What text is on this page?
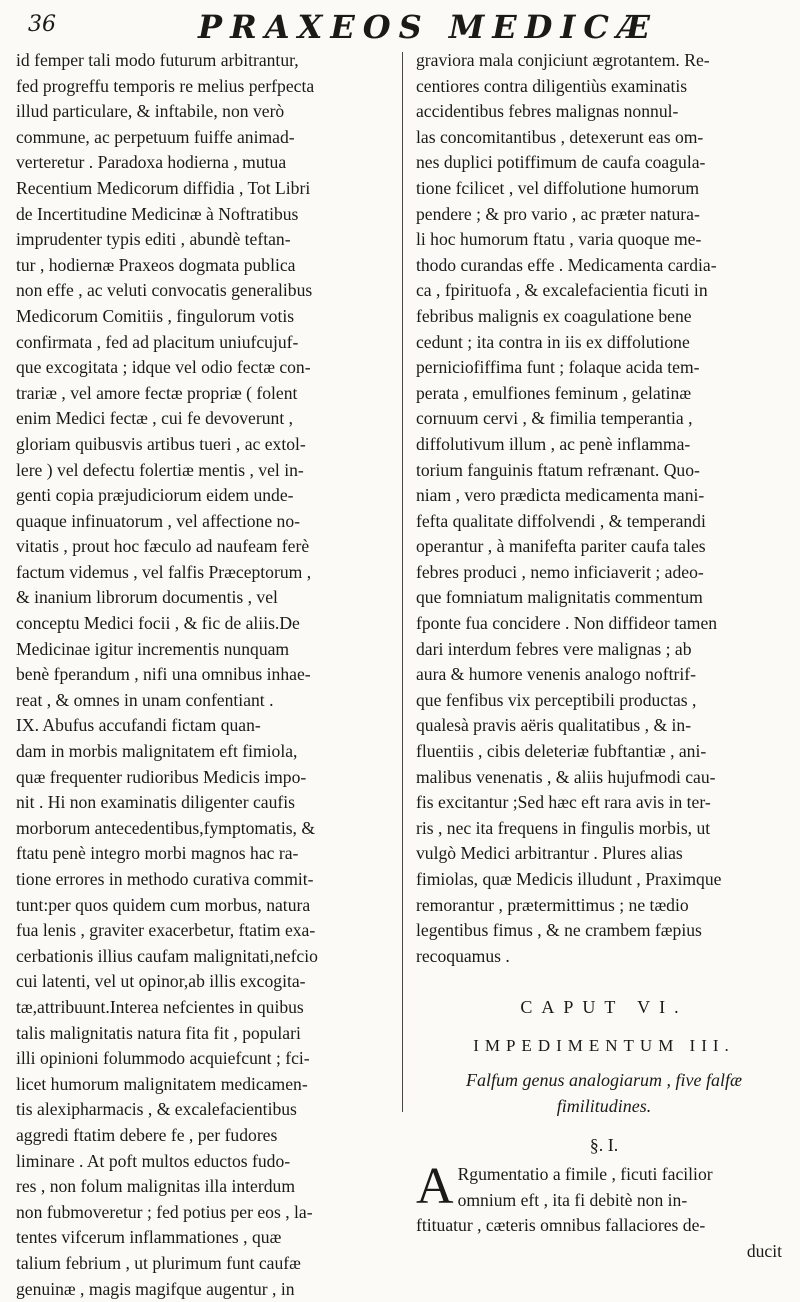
36	PRAXEOS MEDICÆ
id femper tali modo futurum arbitrantur,
fed progreffu temporis re melius perfpecta
illud particulare, & inftabile, non verò
commune, ac perpetuum fuiffe animad-
verteretur . Paradoxa hodierna , mutua
Recentium Medicorum diffidia , Tot Libri
de Incertitudine Medicinæ à Noftratibus
imprudenter typis editi , abundè teftan-
tur , hodiernæ Praxeos dogmata publica
non effe , ac veluti convocatis generalibus
Medicorum Comitiis , fingulorum votis
confirmata , fed ad placitum uniufcujuf-
que excogitata ; idque vel odio fectæ con-
trariæ , vel amore fectæ propriæ ( folent
enim Medici fectæ , cui fe devoverunt ,
gloriam quibusvis artibus tueri , ac extol-
lere ) vel defectu folertiæ mentis , vel in-
genti copia præjudiciorum eidem unde-
quaque infinuatorum , vel affectione no-
vitatis , prout hoc fæculo ad naufeam ferè
factum videmus , vel falfis Præceptorum ,
& inanium librorum documentis , vel
conceptu Medici focii , & fic de aliis.De
Medicinae igitur incrementis nunquam
benè fperandum , nifi una omnibus inhae-
reat , & omnes in unam confentiant .
IX. Abufus accufandi fictam quan-
dam in morbis malignitatem eft fimiola,
quæ frequenter rudioribus Medicis impo-
nit . Hi non examinatis diligenter caufis
morborum antecedentibus,fymptomatis, &
ftatu penè integro morbi magnos hac ra-
tione errores in methodo curativa commit-
tunt:per quos quidem cum morbus, natura
fua lenis , graviter exacerbetur, ftatim exa-
cerbationis illius caufam malignitati,nefcio
cui latenti, vel ut opinor,ab illis excogita-
tæ,attribuunt.Interea nefcientes in quibus
talis malignitatis natura fita fit , populari
illi opinioni folummodo acquiefcunt ; fci-
licet humorum malignitatem medicamen-
tis alexipharmacis , & excalefacientibus
aggredi ftatim debere fe , per fudores
liminare . At poft multos eductos fudo-
res , non folum malignitas illa interdum
non fubmoveretur ; fed potius per eos , la-
tentes vifcerum inflammationes , quæ
talium febrium , ut plurimum funt caufæ
genuinæ , magis magifque augentur , in
graviora mala conjiciunt ægrotantem. Re-
centiores contra diligentiùs examinatis
accidentibus febres malignas nonnul-
las concomitantibus , detexerunt eas om-
nes duplici potiffimum de caufa coagula-
tione fcilicet , vel diffolutione humorum
pendere ; & pro vario , ac præter natura-
li hoc humorum ftatu , varia quoque me-
thodo curandas effe . Medicamenta cardia-
ca , fpirituofa , & excalefacientia ficuti in
febribus malignis ex coagulatione bene
cedunt ; ita contra in iis ex diffolutione
perniciofiffima funt ; folaque acida tem-
perata , emulfiones feminum , gelatinæ
cornuum cervi , & fimilia temperantia ,
diffolutivum illum , ac penè inflamma-
torium fanguinis ftatum refrænant. Quo-
niam , vero prædicta medicamenta mani-
fefta qualitate diffolvendi , & temperandi
operantur , à manifefta pariter caufa tales
febres produci , nemo inficiaverit ; adeo-
que fomniatum malignitatis commentum
fponte fua concidere . Non diffideor tamen
dari interdum febres vere malignas ; ab
aura & humore venenis analogo noftrif-
que fenfibus vix perceptibili productas ,
qualesà pravis aëris qualitatibus , & in-
fluentiis , cibis deleteriæ fubftantiæ , ani-
malibus venenatis , & aliis hujufmodi cau-
fis excitantur ;Sed hæc eft rara avis in ter-
ris , nec ita frequens in fingulis morbis, ut
vulgò Medici arbitrantur . Plures alias
fimiolas, quæ Medicis illudunt , Praximque
remorantur , prætermittimus ; ne tædio
legentibus fimus , & ne crambem fæpius
recoquamus .
CAPUT VI.
IMPEDIMENTUM III.
Falfum genus analogiarum , five falfæ
fimilitudines.
§. I.
A Rgumentatio a fimile , ficuti facilior
omnium eft , ita fi debitè non in-
ftituatur , cæteris omnibus fallaciores de-
ducit
